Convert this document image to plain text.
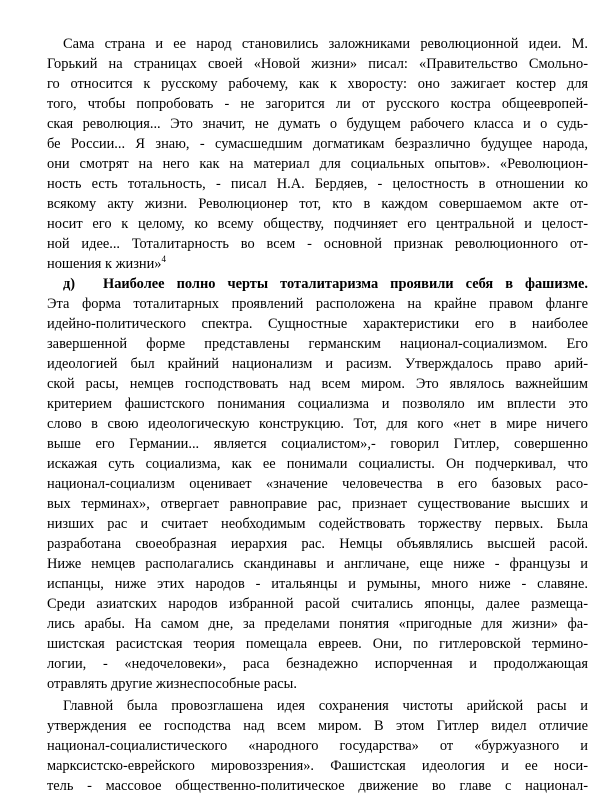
Сама страна и ее народ становились заложниками революционной идеи. М.
Горький на страницах своей «Новой жизни» писал: «Правительство Смольно-
го относится к русскому рабочему, как к хворосту: оно зажигает костер для
того, чтобы попробовать - не загорится ли от русского костра общеевропей-
ская революция... Это значит, не думать о будущем рабочего класса и о судь-
бе России... Я знаю, - сумасшедшим догматикам безразлично будущее народа,
они смотрят на него как на материал для социальных опытов». «Революцион-
ность есть тотальность, - писал Н.А. Бердяев, - целостность в отношении ко
всякому акту жизни. Революционер тот, кто в каждом совершаемом акте от-
носит его к целому, ко всему обществу, подчиняет его центральной и целост-
ной идее... Тоталитарность во всем - основной признак революционного от-
ношения к жизни»$^4$
д)	Наиболее полно черты тоталитаризма проявили себя в фашизме.
Эта форма тоталитарных проявлений расположена на крайне правом фланге
идейно-политического спектра. Сущностные характеристики его в наиболее
завершенной форме представлены германским национал-социализмом. Его
идеологией был крайний национализм и расизм. Утверждалось право арий-
ской расы, немцев господствовать над всем миром. Это являлось важнейшим
критерием фашистского понимания социализма и позволяло им вплести это
слово в свою идеологическую конструкцию. Тот, для кого «нет в мире ничего
выше его Германии... является социалистом»,- говорил Гитлер, совершенно
искажая суть социализма, как ее понимали социалисты. Он подчеркивал, что
национал-социализм оценивает «значение человечества в его базовых расо-
вых терминах», отвергает равноправие рас, признает существование высших и
низших рас и считает необходимым содействовать торжеству первых. Была
разработана своеобразная иерархия рас. Немцы объявлялись высшей расой.
Ниже немцев располагались скандинавы и англичане, еще ниже - французы и
испанцы, ниже этих народов - итальянцы и румыны, много ниже - славяне.
Среди азиатских народов избранной расой считались японцы, далее размеща-
лись арабы. На самом дне, за пределами понятия «пригодные для жизни» фа-
шистская расистская теория помещала евреев. Они, по гитлеровской термино-
логии, - «недочеловеки», раса безнадежно испорченная и продолжающая
отравлять другие жизнеспособные расы.
Главной была провозглашена идея сохранения чистоты арийской расы и
утверждения ее господства над всем миром. В этом Гитлер видел отличие
национал-социалистического «народного государства» от «буржуазного и
марксистско-еврейского мировоззрения». Фашистская идеология и ее носи-
тель - массовое общественно-политическое движение во главе с национал-
